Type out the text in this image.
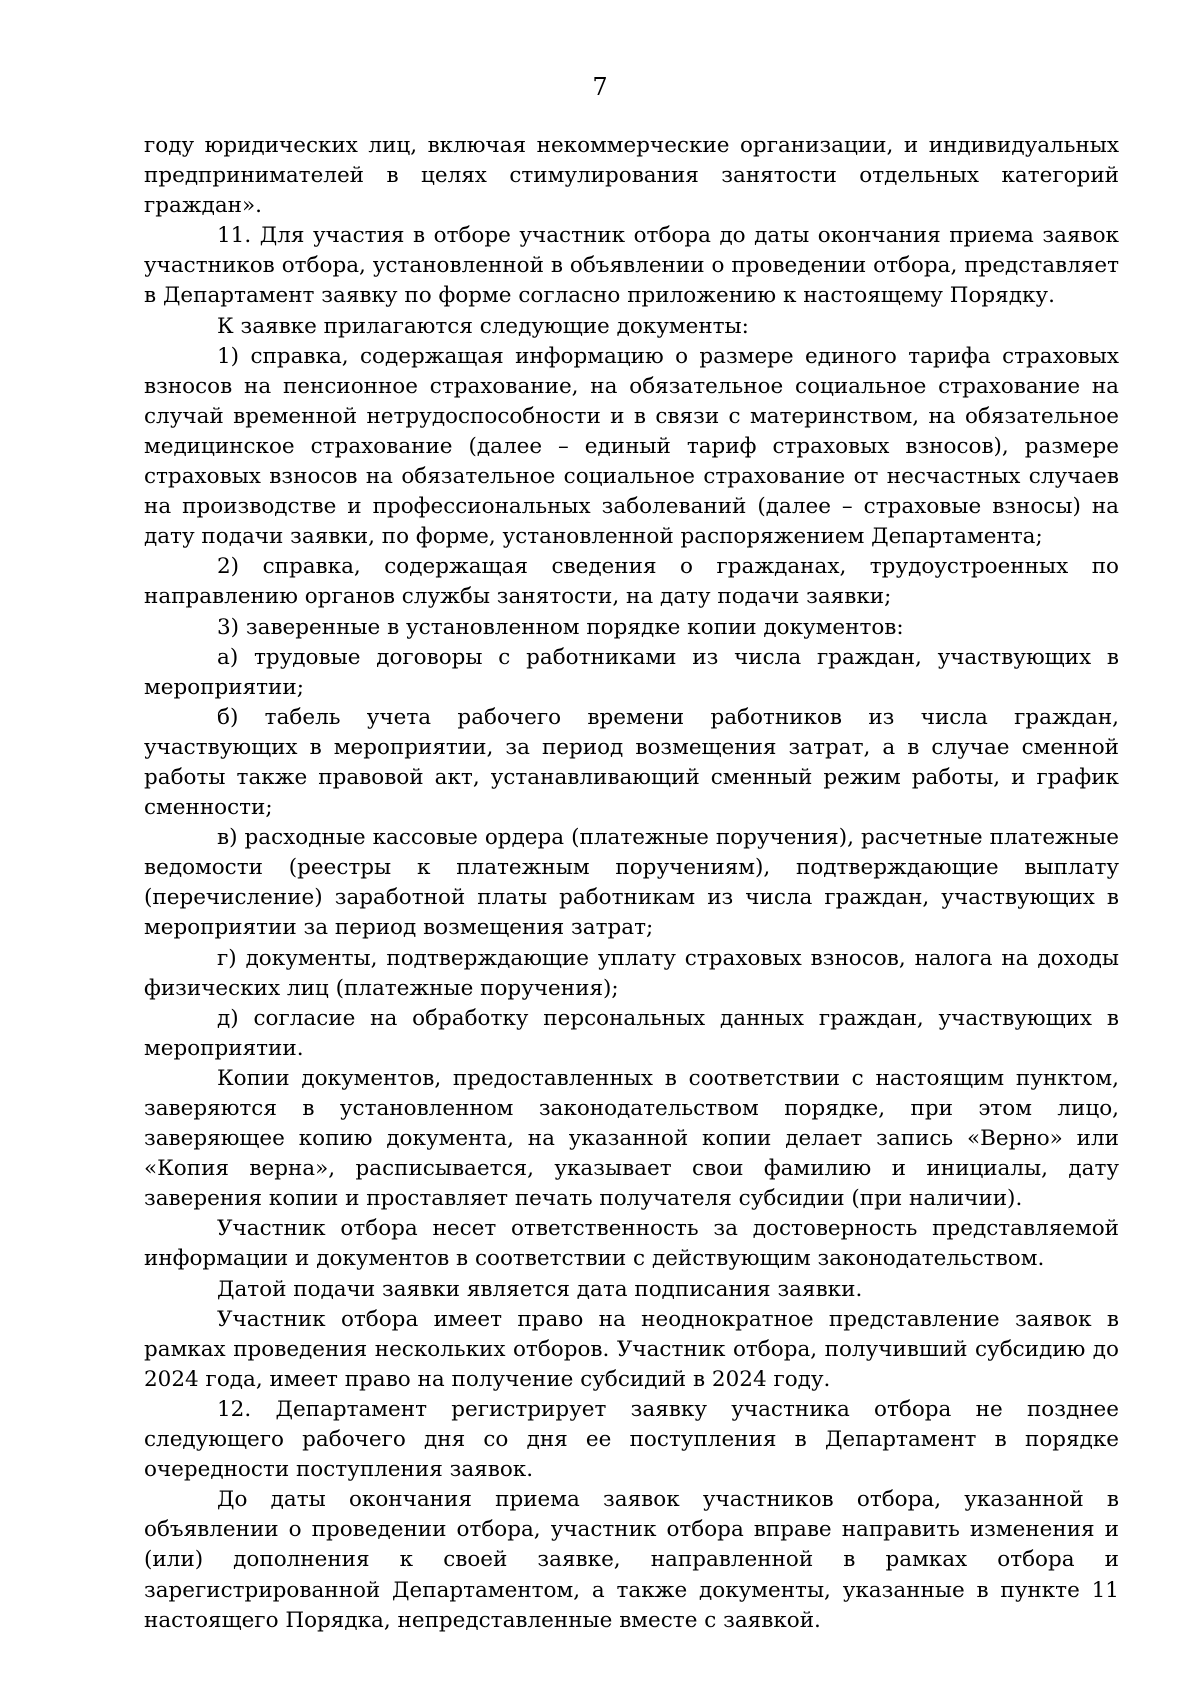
7

году юридических лиц, включая некоммерческие организации, и индивидуальных предпринимателей в целях стимулирования занятости отдельных категорий граждан».

11. Для участия в отборе участник отбора до даты окончания приема заявок участников отбора, установленной в объявлении о проведении отбора, представляет в Департамент заявку по форме согласно приложению к настоящему Порядку.

К заявке прилагаются следующие документы:

1) справка, содержащая информацию о размере единого тарифа страховых взносов на пенсионное страхование, на обязательное социальное страхование на случай временной нетрудоспособности и в связи с материнством, на обязательное медицинское страхование (далее – единый тариф страховых взносов), размере страховых взносов на обязательное социальное страхование от несчастных случаев на производстве и профессиональных заболеваний (далее – страховые взносы) на дату подачи заявки, по форме, установленной распоряжением Департамента;

2) справка, содержащая сведения о гражданах, трудоустроенных по направлению органов службы занятости, на дату подачи заявки;

3) заверенные в установленном порядке копии документов:

а) трудовые договоры с работниками из числа граждан, участвующих в мероприятии;

б) табель учета рабочего времени работников из числа граждан, участвующих в мероприятии, за период возмещения затрат, а в случае сменной работы также правовой акт, устанавливающий сменный режим работы, и график сменности;

в) расходные кассовые ордера (платежные поручения), расчетные платежные ведомости (реестры к платежным поручениям), подтверждающие выплату (перечисление) заработной платы работникам из числа граждан, участвующих в мероприятии за период возмещения затрат;

г) документы, подтверждающие уплату страховых взносов, налога на доходы физических лиц (платежные поручения);

д) согласие на обработку персональных данных граждан, участвующих в мероприятии.

Копии документов, предоставленных в соответствии с настоящим пунктом, заверяются в установленном законодательством порядке, при этом лицо, заверяющее копию документа, на указанной копии делает запись «Верно» или «Копия верна», расписывается, указывает свои фамилию и инициалы, дату заверения копии и проставляет печать получателя субсидии (при наличии).

Участник отбора несет ответственность за достоверность представляемой информации и документов в соответствии с действующим законодательством.

Датой подачи заявки является дата подписания заявки.

Участник отбора имеет право на неоднократное представление заявок в рамках проведения нескольких отборов. Участник отбора, получивший субсидию до 2024 года, имеет право на получение субсидий в 2024 году.

12. Департамент регистрирует заявку участника отбора не позднее следующего рабочего дня со дня ее поступления в Департамент в порядке очередности поступления заявок.

До даты окончания приема заявок участников отбора, указанной в объявлении о проведении отбора, участник отбора вправе направить изменения и (или) дополнения к своей заявке, направленной в рамках отбора и зарегистрированной Департаментом, а также документы, указанные в пункте 11 настоящего Порядка, непредставленные вместе с заявкой.
